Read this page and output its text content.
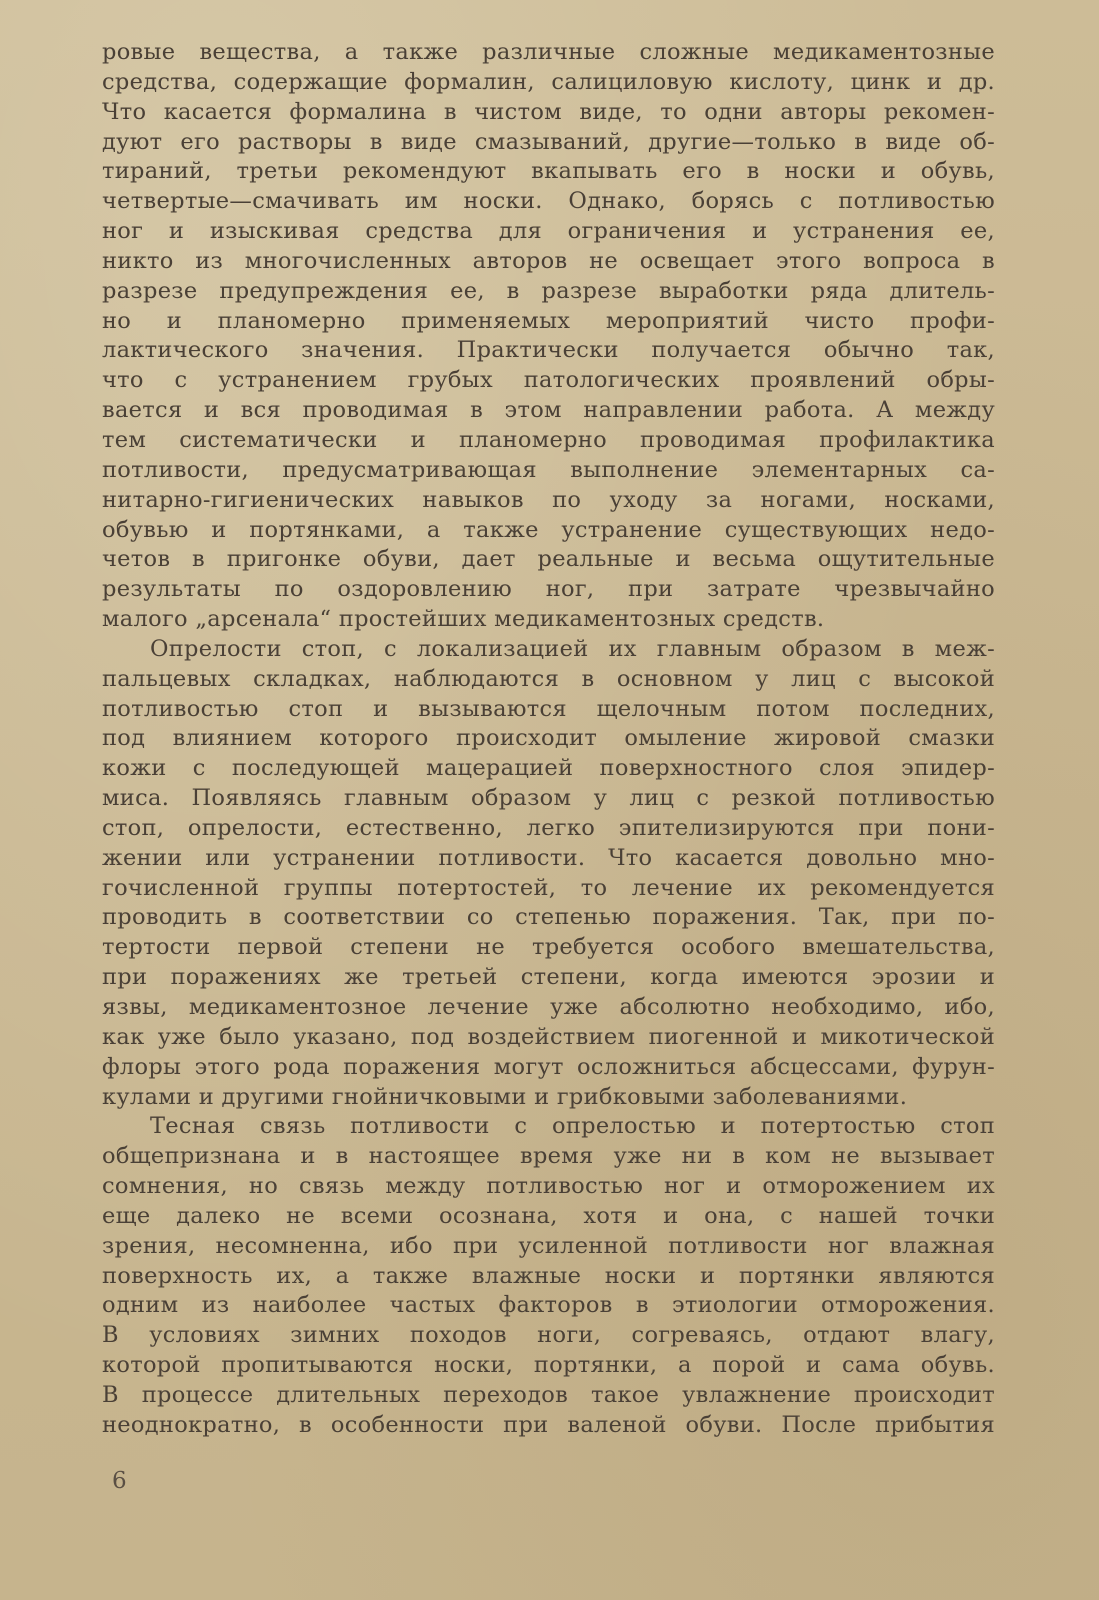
ровые вещества, а также различные сложные медикаментозные
средства, содержащие формалин, салициловую кислоту, цинк и др.
Что касается формалина в чистом виде, то одни авторы рекомен-
дуют его растворы в виде смазываний, другие—только в виде об-
тираний, третьи рекомендуют вкапывать его в носки и обувь,
четвертые—смачивать им носки. Однако, борясь с потливостью
ног и изыскивая средства для ограничения и устранения ее,
никто из многочисленных авторов не освещает этого вопроса в
разрезе предупреждения ее, в разрезе выработки ряда длитель-
но и планомерно применяемых мероприятий чисто профи-
лактического значения. Практически получается обычно так,
что с устранением грубых патологических проявлений обры-
вается и вся проводимая в этом направлении работа. А между
тем систематически и планомерно проводимая профилактика
потливости, предусматривающая выполнение элементарных са-
нитарно-гигиенических навыков по уходу за ногами, носками,
обувью и портянками, а также устранение существующих недо-
четов в пригонке обуви, дает реальные и весьма ощутительные
результаты по оздоровлению ног, при затрате чрезвычайно
малого „арсенала“ простейших медикаментозных средств.
Опрелости стоп, с локализацией их главным образом в меж-
пальцевых складках, наблюдаются в основном у лиц с высокой
потливостью стоп и вызываются щелочным потом последних,
под влиянием которого происходит омыление жировой смазки
кожи с последующей мацерацией поверхностного слоя эпидер-
миса. Появляясь главным образом у лиц с резкой потливостью
стоп, опрелости, естественно, легко эпителизируются при пони-
жении или устранении потливости. Что касается довольно мно-
гочисленной группы потертостей, то лечение их рекомендуется
проводить в соответствии со степенью поражения. Так, при по-
тертости первой степени не требуется особого вмешательства,
при поражениях же третьей степени, когда имеются эрозии и
язвы, медикаментозное лечение уже абсолютно необходимо, ибо,
как уже было указано, под воздействием пиогенной и микотической
флоры этого рода поражения могут осложниться абсцессами, фурун-
кулами и другими гнойничковыми и грибковыми заболеваниями.
Тесная связь потливости с опрелостью и потертостью стоп
общепризнана и в настоящее время уже ни в ком не вызывает
сомнения, но связь между потливостью ног и отморожением их
еще далеко не всеми осознана, хотя и она, с нашей точки
зрения, несомненна, ибо при усиленной потливости ног влажная
поверхность их, а также влажные носки и портянки являются
одним из наиболее частых факторов в этиологии отморожения.
В условиях зимних походов ноги, согреваясь, отдают влагу,
которой пропитываются носки, портянки, а порой и сама обувь.
В процессе длительных переходов такое увлажнение происходит
неоднократно, в особенности при валеной обуви. После прибытия
6
